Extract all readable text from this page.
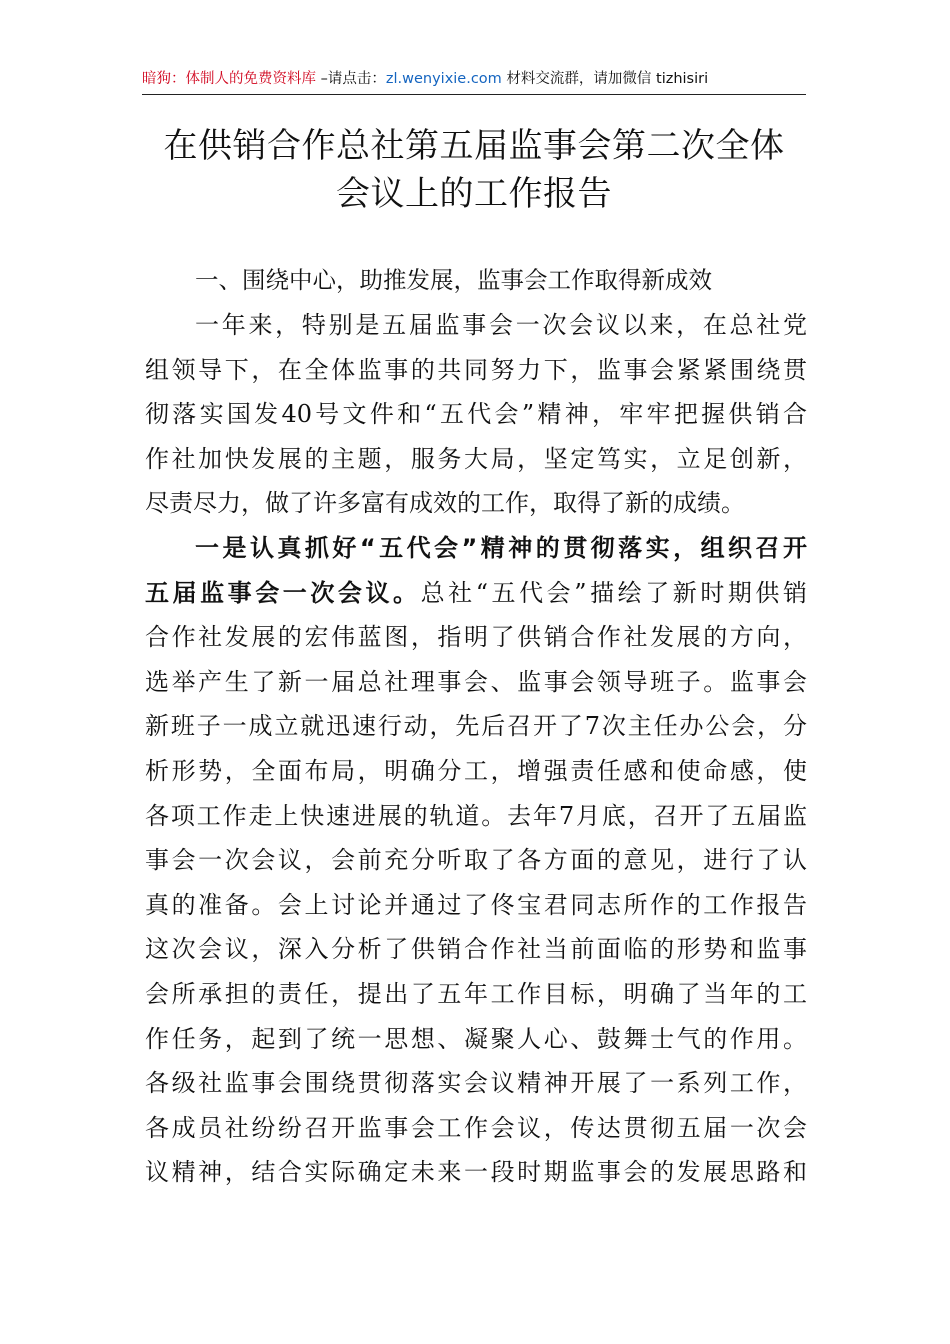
暗狗：体制人的免费资料库 –请点击：zl.wenyixie.com 材料交流群，请加微信 tizhisiri
在供销合作总社第五届监事会第二次全体
会议上的工作报告
一、围绕中心，助推发展，监事会工作取得新成效
一年来，特别是五届监事会一次会议以来，在总社党
组领导下，在全体监事的共同努力下，监事会紧紧围绕贯
彻落实国发40号文件和“五代会”精神，牢牢把握供销合
作社加快发展的主题，服务大局，坚定笃实，立足创新，
尽责尽力，做了许多富有成效的工作，取得了新的成绩。
一是认真抓好“五代会”精神的贯彻落实，组织召开
五届监事会一次会议。总社“五代会”描绘了新时期供销
合作社发展的宏伟蓝图，指明了供销合作社发展的方向，
选举产生了新一届总社理事会、监事会领导班子。监事会
新班子一成立就迅速行动，先后召开了7次主任办公会，分
析形势，全面布局，明确分工，增强责任感和使命感，使
各项工作走上快速进展的轨道。去年7月底，召开了五届监
事会一次会议，会前充分听取了各方面的意见，进行了认
真的准备。会上讨论并通过了佟宝君同志所作的工作报告
这次会议，深入分析了供销合作社当前面临的形势和监事
会所承担的责任，提出了五年工作目标，明确了当年的工
作任务，起到了统一思想、凝聚人心、鼓舞士气的作用。
各级社监事会围绕贯彻落实会议精神开展了一系列工作，
各成员社纷纷召开监事会工作会议，传达贯彻五届一次会
议精神，结合实际确定未来一段时期监事会的发展思路和
